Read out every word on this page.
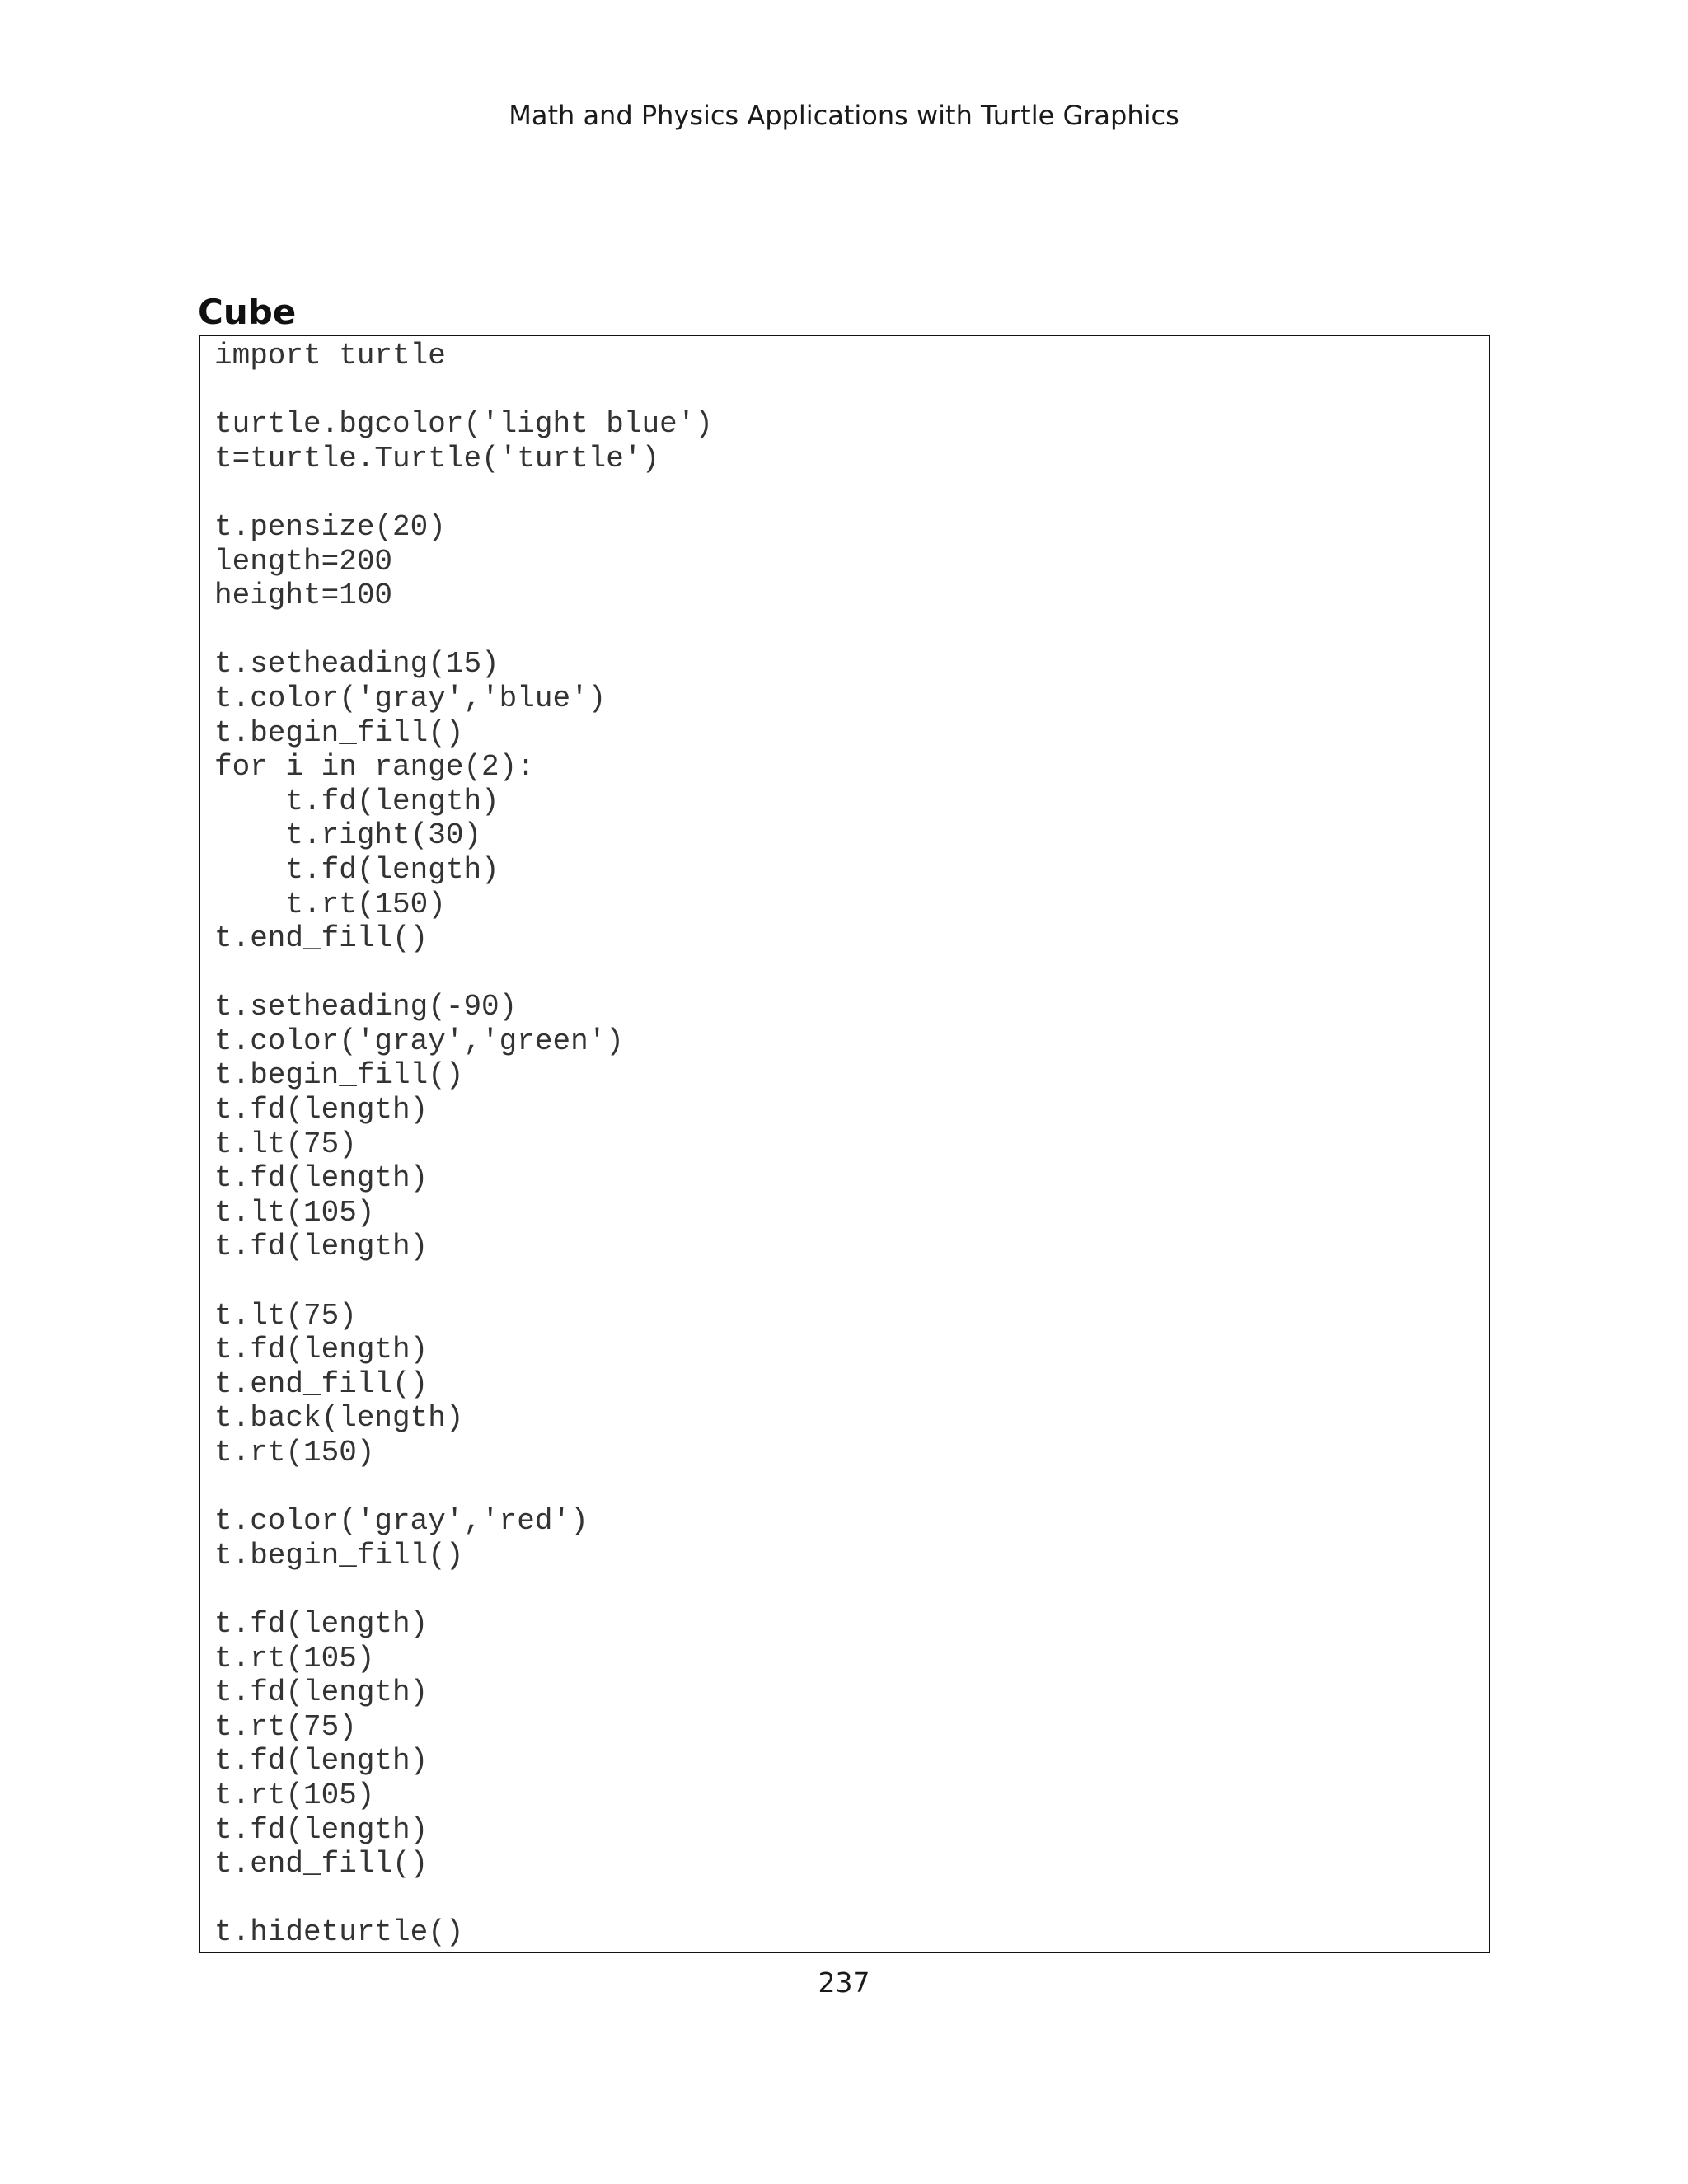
Math and Physics Applications with Turtle Graphics
Cube
import turtle
turtle.bgcolor('light blue')
t=turtle.Turtle('turtle')
t.pensize(20)
length=200
height=100
t.setheading(15)
t.color('gray','blue')
t.begin_fill()
for i in range(2):
t.fd(length)
t.right(30)
t.fd(length)
t.rt(150)
t.end_fill()
t.setheading(-90)
t.color('gray','green')
t.begin_fill()
t.fd(length)
t.lt(75)
t.fd(length)
t.lt(105)
t.fd(length)
t.lt(75)
t.fd(length)
t.end_fill()
t.back(length)
t.rt(150)
t.color('gray','red')
t.begin_fill()
t.fd(length)
t.rt(105)
t.fd(length)
t.rt(75)
t.fd(length)
t.rt(105)
t.fd(length)
t.end_fill()
t.hideturtle()
237
